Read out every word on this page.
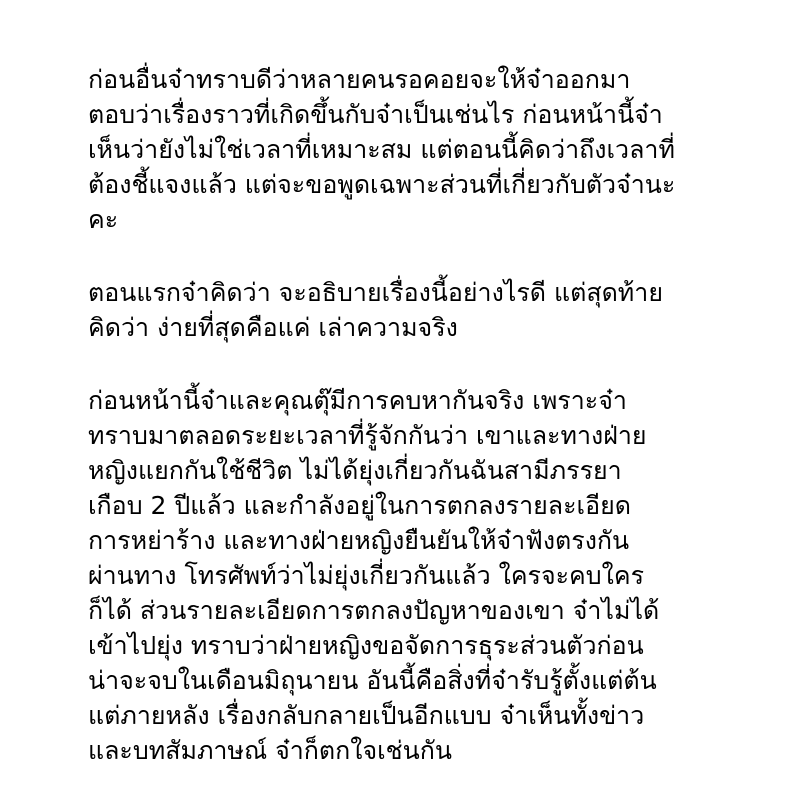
ก่อนอื่นจ๋าทราบดีว่าหลายคนรอคอยจะให้จ๋าออกมา
ตอบว่าเรื่องราวที่เกิดขึ้นกับจ๋าเป็นเช่นไร ก่อนหน้านี้จ๋า
เห็นว่ายังไม่ใช่เวลาที่เหมาะสม แต่ตอนนี้คิดว่าถึงเวลาที่
ต้องชี้แจงแล้ว แต่จะขอพูดเฉพาะส่วนที่เกี่ยวกับตัวจ๋านะ
คะ
ตอนแรกจ๋าคิดว่า จะอธิบายเรื่องนี้อย่างไรดี แต่สุดท้าย
คิดว่า ง่ายที่สุดคือแค่ เล่าความจริง
ก่อนหน้านี้จ๋าและคุณตุ๊มีการคบหากันจริง เพราะจ๋า
ทราบมาตลอดระยะเวลาที่รู้จักกันว่า เขาและทางฝ่าย
หญิงแยกกันใช้ชีวิต ไม่ได้ยุ่งเกี่ยวกันฉันสามีภรรยา
เกือบ 2 ปีแล้ว และกำลังอยู่ในการตกลงรายละเอียด
การหย่าร้าง และทางฝ่ายหญิงยืนยันให้จ๋าฟังตรงกัน
ผ่านทาง โทรศัพท์ว่าไม่ยุ่งเกี่ยวกันแล้ว ใครจะคบใคร
ก็ได้ ส่วนรายละเอียดการตกลงปัญหาของเขา จ๋าไม่ได้
เข้าไปยุ่ง ทราบว่าฝ่ายหญิงขอจัดการธุระส่วนตัวก่อน
น่าจะจบในเดือนมิถุนายน อันนี้คือสิ่งที่จ๋ารับรู้ตั้งแต่ต้น
แต่ภายหลัง เรื่องกลับกลายเป็นอีกแบบ จ๋าเห็นทั้งข่าว
และบทสัมภาษณ์ จ๋าก็ตกใจเช่นกัน
